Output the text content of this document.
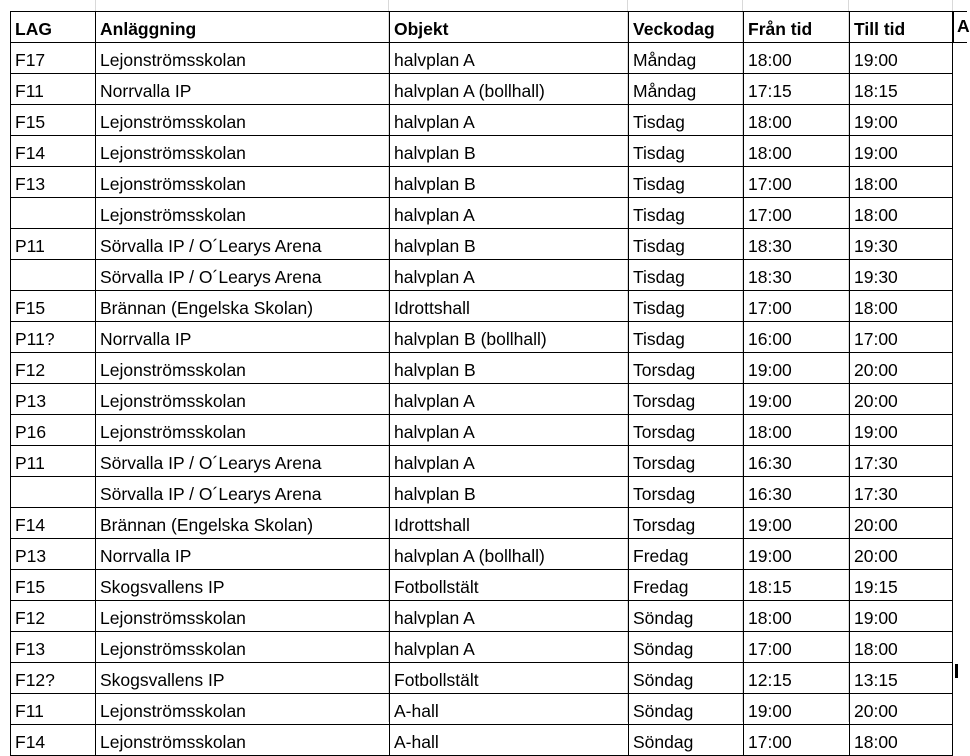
LAG	Anläggning	Objekt	Veckodag	Från tid	Till tid
F17	Lejonströmsskolan	halvplan A	Måndag	18:00	19:00
F11	Norrvalla IP	halvplan A (bollhall)	Måndag	17:15	18:15
F15	Lejonströmsskolan	halvplan A	Tisdag	18:00	19:00
F14	Lejonströmsskolan	halvplan B	Tisdag	18:00	19:00
F13	Lejonströmsskolan	halvplan B	Tisdag	17:00	18:00
	Lejonströmsskolan	halvplan A	Tisdag	17:00	18:00
P11	Sörvalla IP / O´Learys Arena	halvplan B	Tisdag	18:30	19:30
	Sörvalla IP / O´Learys Arena	halvplan A	Tisdag	18:30	19:30
F15	Brännan (Engelska Skolan)	Idrottshall	Tisdag	17:00	18:00
P11?	Norrvalla IP	halvplan B (bollhall)	Tisdag	16:00	17:00
F12	Lejonströmsskolan	halvplan B	Torsdag	19:00	20:00
P13	Lejonströmsskolan	halvplan A	Torsdag	19:00	20:00
P16	Lejonströmsskolan	halvplan A	Torsdag	18:00	19:00
P11	Sörvalla IP / O´Learys Arena	halvplan A	Torsdag	16:30	17:30
	Sörvalla IP / O´Learys Arena	halvplan B	Torsdag	16:30	17:30
F14	Brännan (Engelska Skolan)	Idrottshall	Torsdag	19:00	20:00
P13	Norrvalla IP	halvplan A (bollhall)	Fredag	19:00	20:00
F15	Skogsvallens IP	Fotbollstält	Fredag	18:15	19:15
F12	Lejonströmsskolan	halvplan A	Söndag	18:00	19:00
F13	Lejonströmsskolan	halvplan A	Söndag	17:00	18:00
F12?	Skogsvallens IP	Fotbollstält	Söndag	12:15	13:15
F11	Lejonströmsskolan	A-hall	Söndag	19:00	20:00
F14	Lejonströmsskolan	A-hall	Söndag	17:00	18:00
A
